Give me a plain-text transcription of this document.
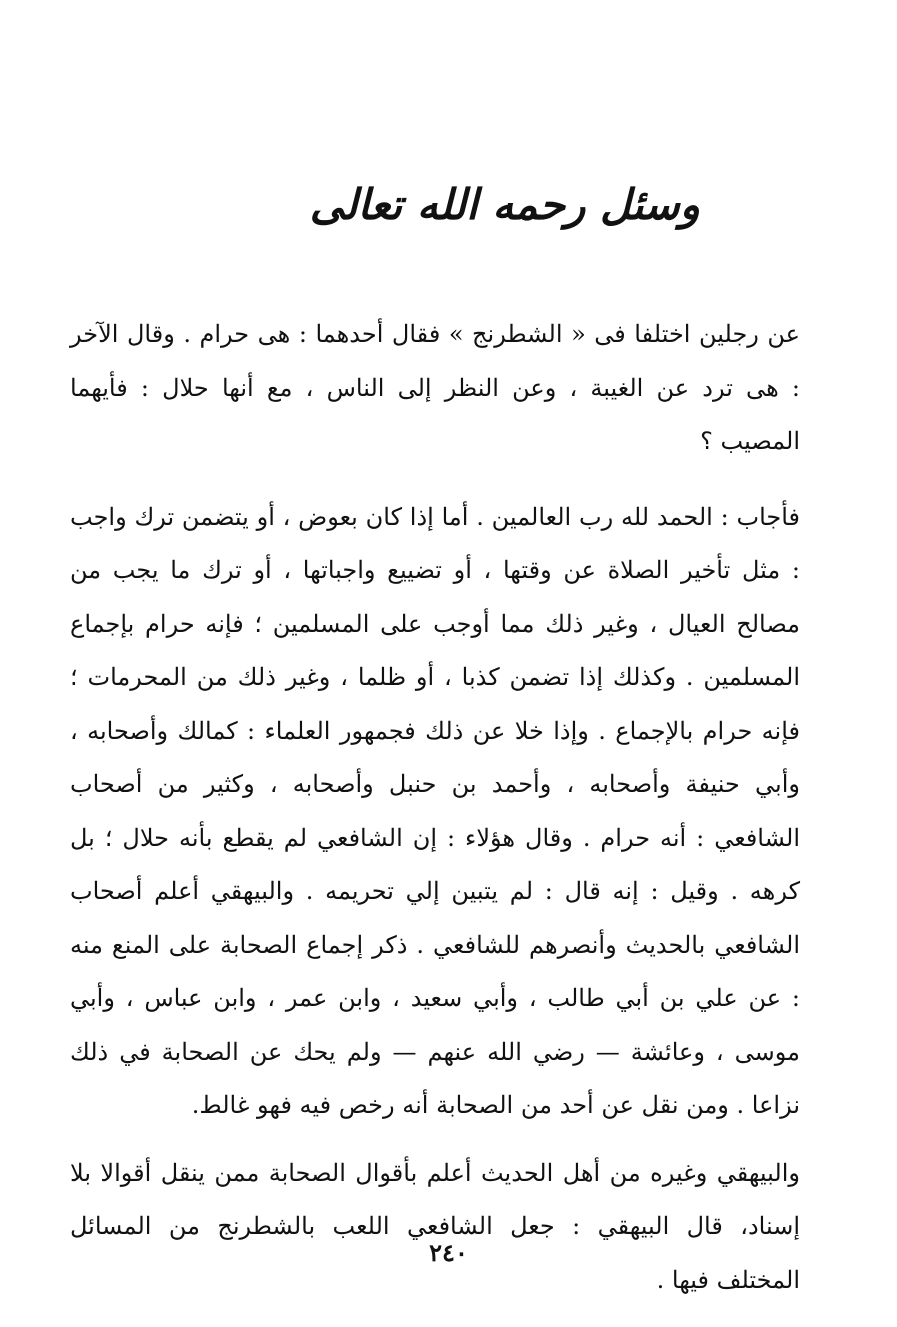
وسئل رحمه الله تعالى

عن رجلين اختلفا فى « الشطرنج » فقال أحدهما : هى حرام . وقال الآخر : هى ترد عن الغيبة ، وعن النظر إلى الناس ، مع أنها حلال : فأيهما المصيب ؟

فأجاب : الحمد لله رب العالمين . أما إذا كان بعوض ، أو يتضمن ترك واجب : مثل تأخير الصلاة عن وقتها ، أو تضييع واجباتها ، أو ترك ما يجب من مصالح العيال ، وغير ذلك مما أوجب على المسلمين ؛ فإنه حرام بإجماع المسلمين . وكذلك إذا تضمن كذبا ، أو ظلما ، وغير ذلك من المحرمات ؛ فإنه حرام بالإجماع . وإذا خلا عن ذلك فجمهور العلماء : كمالك وأصحابه ، وأبي حنيفة وأصحابه ، وأحمد بن حنبل وأصحابه ، وكثير من أصحاب الشافعي : أنه حرام . وقال هؤلاء : إن الشافعي لم يقطع بأنه حلال ؛ بل كرهه . وقيل : إنه قال : لم يتبين إلي تحريمه . والبيهقي أعلم أصحاب الشافعي بالحديث وأنصرهم للشافعي . ذكر إجماع الصحابة على المنع منه : عن علي بن أبي طالب ، وأبي سعيد ، وابن عمر ، وابن عباس ، وأبي موسى ، وعائشة — رضي الله عنهم — ولم يحك عن الصحابة في ذلك نزاعا . ومن نقل عن أحد من الصحابة أنه رخص فيه فهو غالط.

والبيهقي وغيره من أهل الحديث أعلم بأقوال الصحابة ممن ينقل أقوالا بلا إسناد، قال البيهقي : جعل الشافعي اللعب بالشطرنج من المسائل المختلف فيها .

٢٤٠
